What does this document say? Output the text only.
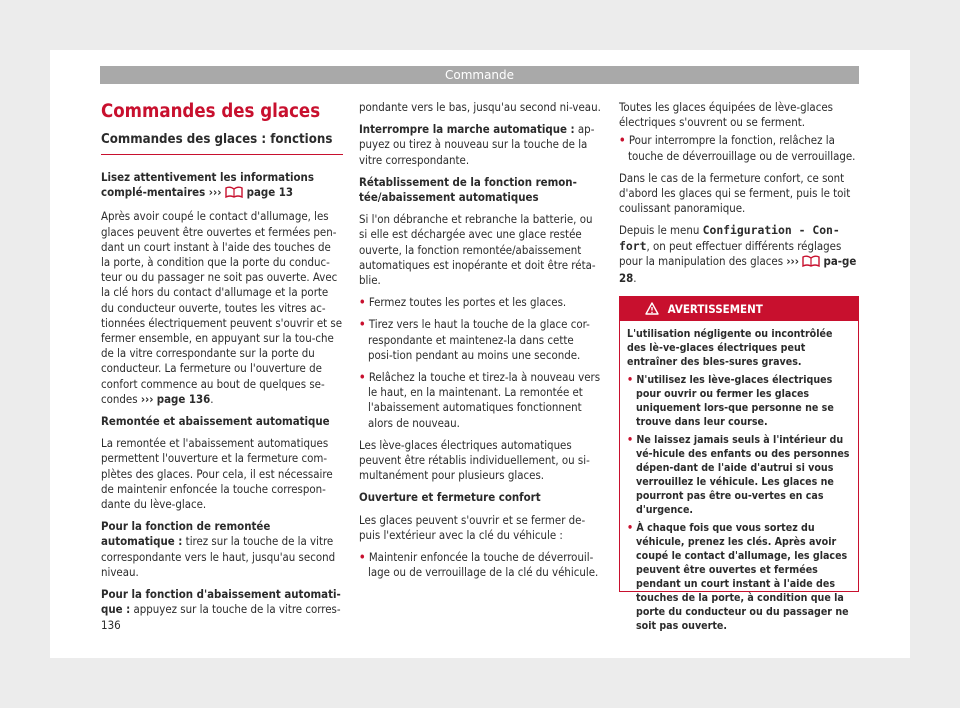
Commande
Commandes des glaces
Commandes des glaces : fonctions

Lisez attentivement les informations complé-mentaires ››› page 13

Après avoir coupé le contact d'allumage, les glaces peuvent être ouvertes et fermées pen-dant un court instant à l'aide des touches de la porte, à condition que la porte du conduc-teur ou du passager ne soit pas ouverte. Avec la clé hors du contact d'allumage et la porte du conducteur ouverte, toutes les vitres ac-tionnées électriquement peuvent s'ouvrir et se fermer ensemble, en appuyant sur la tou-che de la vitre correspondante sur la porte du conducteur. La fermeture ou l'ouverture de confort commence au bout de quelques se-condes ››› page 136.

Remontée et abaissement automatique

La remontée et l'abaissement automatiques permettent l'ouverture et la fermeture com-plètes des glaces. Pour cela, il est nécessaire de maintenir enfoncée la touche correspon-dante du lève-glace.

Pour la fonction de remontée automatique : tirez sur la touche de la vitre correspondante vers le haut, jusqu'au second niveau.

Pour la fonction d'abaissement automati-que : appuyez sur la touche de la vitre corres-

pondante vers le bas, jusqu'au second ni-veau.

Interrompre la marche automatique : ap-puyez ou tirez à nouveau sur la touche de la vitre correspondante.

Rétablissement de la fonction remon-tée/abaissement automatiques

Si l'on débranche et rebranche la batterie, ou si elle est déchargée avec une glace restée ouverte, la fonction remontée/abaissement automatiques est inopérante et doit être réta-blie.

• Fermez toutes les portes et les glaces.

• Tirez vers le haut la touche de la glace cor-respondante et maintenez-la dans cette posi-tion pendant au moins une seconde.

• Relâchez la touche et tirez-la à nouveau vers le haut, en la maintenant. La remontée et l'abaissement automatiques fonctionnent alors de nouveau.

Les lève-glaces électriques automatiques peuvent être rétablis individuellement, ou si-multanément pour plusieurs glaces.

Ouverture et fermeture confort

Les glaces peuvent s'ouvrir et se fermer de-puis l'extérieur avec la clé du véhicule :

• Maintenir enfoncée la touche de déverrouil-lage ou de verrouillage de la clé du véhicule.

Toutes les glaces équipées de lève-glaces électriques s'ouvrent ou se ferment.

• Pour interrompre la fonction, relâchez la touche de déverrouillage ou de verrouillage.

Dans le cas de la fermeture confort, ce sont d'abord les glaces qui se ferment, puis le toit coulissant panoramique.

Depuis le menu Configuration - Con-fort, on peut effectuer différents réglages pour la manipulation des glaces ››› pa-ge 28.

AVERTISSEMENT

L'utilisation négligente ou incontrôlée des lè-ve-glaces électriques peut entraîner des bles-sures graves.

• N'utilisez les lève-glaces électriques pour ouvrir ou fermer les glaces uniquement lors-que personne ne se trouve dans leur course.

• Ne laissez jamais seuls à l'intérieur du vé-hicule des enfants ou des personnes dépen-dant de l'aide d'autrui si vous verrouillez le véhicule. Les glaces ne pourront pas être ou-vertes en cas d'urgence.

• À chaque fois que vous sortez du véhicule, prenez les clés. Après avoir coupé le contact d'allumage, les glaces peuvent être ouvertes et fermées pendant un court instant à l'aide des touches de la porte, à condition que la porte du conducteur ou du passager ne soit pas ouverte.

136
